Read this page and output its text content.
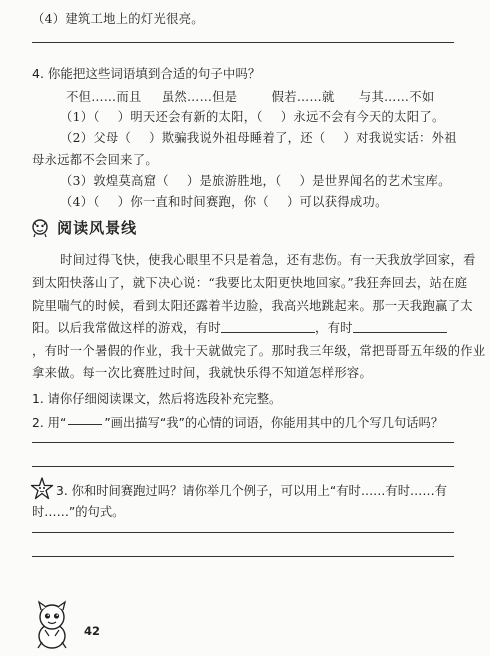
（4）建筑工地上的灯光很亮。
4. 你能把这些词语填到合适的句子中吗？
不但……而且 虽然……但是	假若……就 与其……不如
（1）（ ）明天还会有新的太阳，（ ）永远不会有今天的太阳了。
（2）父母（ ）欺骗我说外祖母睡着了，还（ ）对我说实话：外祖
母永远都不会回来了。
（3）敦煌莫高窟（ ）是旅游胜地，（ ）是世界闻名的艺术宝库。
（4）（ ）你一直和时间赛跑，你（ ）可以获得成功。
阅读风景线
时间过得飞快，使我心眼里不只是着急，还有悲伤。有一天我放学回家，看
到太阳快落山了，就下决心说：“我要比太阳更快地回家。”我狂奔回去，站在庭
院里喘气的时候，看到太阳还露着半边脸，我高兴地跳起来。那一天我跑赢了太
阳。以后我常做这样的游戏，有时	，有时
，有时一个暑假的作业，我十天就做完了。那时我三年级，常把哥哥五年级的作业
拿来做。每一次比赛胜过时间，我就快乐得不知道怎样形容。
1. 请你仔细阅读课文，然后将选段补充完整。
2. 用“	”画出描写“我”的心情的词语，你能用其中的几个写几句话吗？
3. 你和时间赛跑过吗？请你举几个例子，可以用上“有时……有时……有
时……”的句式。
42
